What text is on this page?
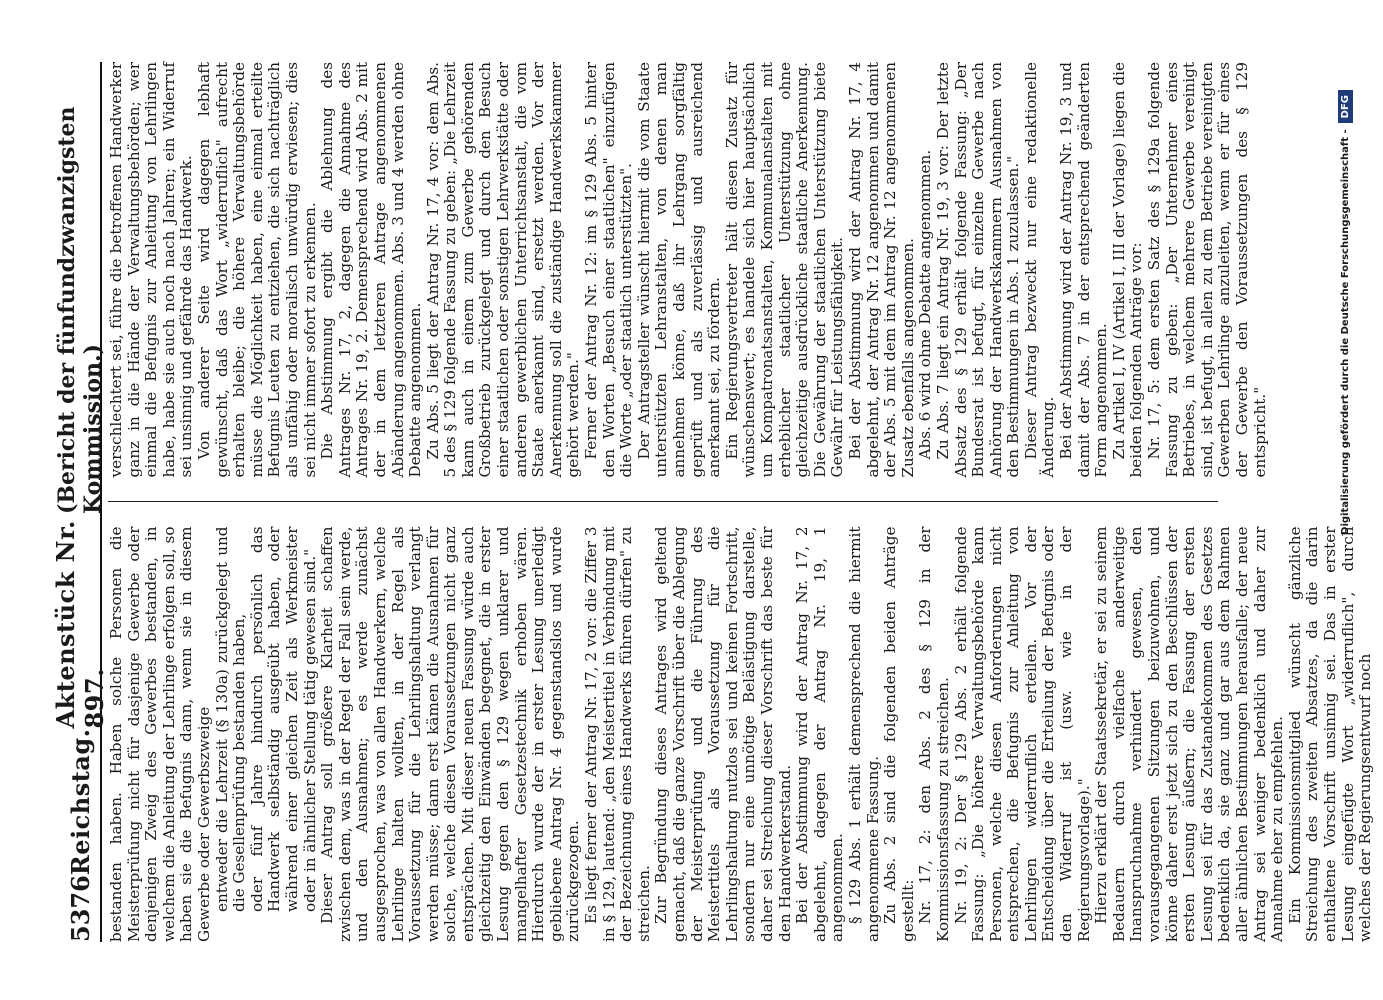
5376
Reichstag.
Aktenstück Nr. 897.
(Bericht der fünfundzwanzigsten Kommission.)

bestanden haben. Haben solche Personen die Meisterprüfung nicht für dasjenige Gewerbe oder denjenigen Zweig des Gewerbes bestanden, in welchem die Anleitung der Lehrlinge erfolgen soll, so haben sie die Befugnis dann, wenn sie in diesem Gewerbe oder Gewerbszweige entweder die Lehrzeit (§ 130a) zurückgelegt und die Gesellenprüfung bestanden haben, oder fünf Jahre hindurch persönlich das Handwerk selbständig ausgeübt haben, oder während einer gleichen Zeit als Werkmeister oder in ähnlicher Stellung tätig gewesen sind." Dieser Antrag soll größere Klarheit schaffen zwischen dem, was in der Regel der Fall sein werde, und den Ausnahmen; es werde zunächst ausgesprochen, was von allen Handwerkern, welche Lehrlinge halten wollten, in der Regel als Voraussetzung für die Lehrlingshaltung verlangt werden müsse; dann erst kämen die Ausnahmen für solche, welche diesen Voraussetzungen nicht ganz entsprächen. Mit dieser neuen Fassung würde auch gleichzeitig den Einwänden begegnet, die in erster Lesung gegen den § 129 wegen unklarer und mangelhafter Gesetzestechnik erhoben wären. Hierdurch wurde der in erster Lesung unerledigt gebliebene Antrag Nr. 4 gegenstandslos und wurde zurückgezogen. Es liegt ferner der Antrag Nr. 17, 2 vor: die Ziffer 3 in § 129, lautend: „den Meistertitel in Verbindung mit der Bezeichnung eines Handwerks führen dürfen" zu streichen. Zur Begründung dieses Antrages wird geltend gemacht, daß die ganze Vorschrift über die Ablegung der Meisterprüfung und die Führung des Meistertitels als Voraussetzung für die Lehrlingshaltung nutzlos sei und keinen Fortschritt, sondern nur eine unnötige Belästigung darstelle, daher sei Streichung dieser Vorschrift das beste für den Handwerkerstand. Bei der Abstimmung wird der Antrag Nr. 17, 2 abgelehnt, dagegen der Antrag Nr. 19, 1 angenommen. § 129 Abs. 1 erhält demensprechend die hiermit angenommene Fassung. Zu Abs. 2 sind die folgenden beiden Anträge gestellt: Nr. 17, 2: den Abs. 2 des § 129 in der Kommissionsfassung zu streichen. Nr. 19, 2: Der § 129 Abs. 2 erhält folgende Fassung: „Die höhere Verwaltungsbehörde kann Personen, welche diesen Anforderungen nicht entsprechen, die Befugnis zur Anleitung von Lehrlingen widerruflich erteilen. Vor der Entscheidung über die Erteilung der Befugnis oder den Widerruf ist (usw. wie in der Regierungsvorlage)." Hierzu erklärt der Staatssekretär, er sei zu seinem Bedauern durch vielfache anderweitige Inanspruchnahme verhindert gewesen, den vorausgegangenen Sitzungen beizuwohnen, und könne daher erst jetzt sich zu den Beschlüssen der ersten Lesung äußern; die Fassung der ersten Lesung sei für das Zustandekommen des Gesetzes bedenklich da, sie ganz und gar aus dem Rahmen aller ähnlichen Bestimmungen herausfalle; der neue Antrag sei weniger bedenklich und daher zur Annahme eher zu empfehlen. Ein Kommissionsmitglied wünscht gänzliche Streichung des zweiten Absatzes, da die darin enthaltene Vorschrift unsinnig sei. Das in erster Lesung eingefügte Wort „widerruflich", durch welches der Regierungsentwurf noch

verschlechtert sei, führe die betroffenen Handwerker ganz in die Hände der Verwaltungsbehörden; wer einmal die Befugnis zur Anleitung von Lehrlingen habe, habe sie auch noch nach Jahren; ein Widerruf sei unsinnig und gefährde das Handwerk. Von anderer Seite wird dagegen lebhaft gewünscht, daß das Wort „widerruflich" aufrecht erhalten bleibe; die höhere Verwaltungsbehörde müsse die Möglichkeit haben, eine einmal erteilte Befugnis Leuten zu entziehen, die sich nachträglich als unfähig oder moralisch unwürdig erwiesen; dies sei nicht immer sofort zu erkennen. Die Abstimmung ergibt die Ablehnung des Antrages Nr. 17, 2, dagegen die Annahme des Antrages Nr. 19, 2. Demensprechend wird Abs. 2 mit der in dem letzteren Antrage angenommenen Abänderung angenommen. Abs. 3 und 4 werden ohne Debatte angenommen. Zu Abs. 5 liegt der Antrag Nr. 17, 4 vor: dem Abs. 5 des § 129 folgende Fassung zu geben: „Die Lehrzeit kann auch in einem zum Gewerbe gehörenden Großbetrieb zurückgelegt und durch den Besuch einer staatlichen oder sonstigen Lehrwerkstätte oder anderen gewerblichen Unterrichtsanstalt, die vom Staate anerkannt sind, ersetzt werden. Vor der Anerkennung soll die zuständige Handwerkskammer gehört werden." Ferner der Antrag Nr. 12: im § 129 Abs. 5 hinter den Worten „Besuch einer staatlichen" einzufügen die Worte „oder staatlich unterstützten". Der Antragsteller wünscht hiermit die vom Staate unterstützten Lehranstalten, von denen man annehmen könne, daß ihr Lehrgang sorgfältig geprüft und als zuverlässig und ausreichend anerkannt sei, zu fördern. Ein Regierungsvertreter hält diesen Zusatz für wünschenswert; es handele sich hier hauptsächlich um Kompatronatsanstalten, Kommunalanstalten mit erheblicher staatlicher Unterstützung ohne gleichzeitige ausdrückliche staatliche Anerkennung. Die Gewährung der staatlichen Unterstützung biete Gewähr für Leistungsfähigkeit. Bei der Abstimmung wird der Antrag Nr. 17, 4 abgelehnt, der Antrag Nr. 12 angenommen und damit der Abs. 5 mit dem im Antrag Nr. 12 angenommenen Zusatz ebenfalls angenommen. Abs. 6 wird ohne Debatte angenommen. Zu Abs. 7 liegt ein Antrag Nr. 19, 3 vor: Der letzte Absatz des § 129 erhält folgende Fassung: „Der Bundesrat ist befugt, für einzelne Gewerbe nach Anhörung der Handwerkskammern Ausnahmen von den Bestimmungen in Abs. 1 zuzulassen." Dieser Antrag bezweckt nur eine redaktionelle Änderung. Bei der Abstimmung wird der Antrag Nr. 19, 3 und damit der Abs. 7 in der entsprechend geänderten Form angenommen. Zu Artikel I, IV (Artikel I, III der Vorlage) liegen die beiden folgenden Anträge vor: Nr. 17, 5: dem ersten Satz des § 129a folgende Fassung zu geben: „Der Unternehmer eines Betriebes, in welchem mehrere Gewerbe vereinigt sind, ist befugt, in allen zu dem Betriebe vereinigten Gewerben Lehrlinge anzuleiten, wenn er für eines der Gewerbe den Voraussetzungen des § 129 entspricht."	Digitalisierung gefördert durch die Deutsche Forschungsgemeinschaft -
DFG
